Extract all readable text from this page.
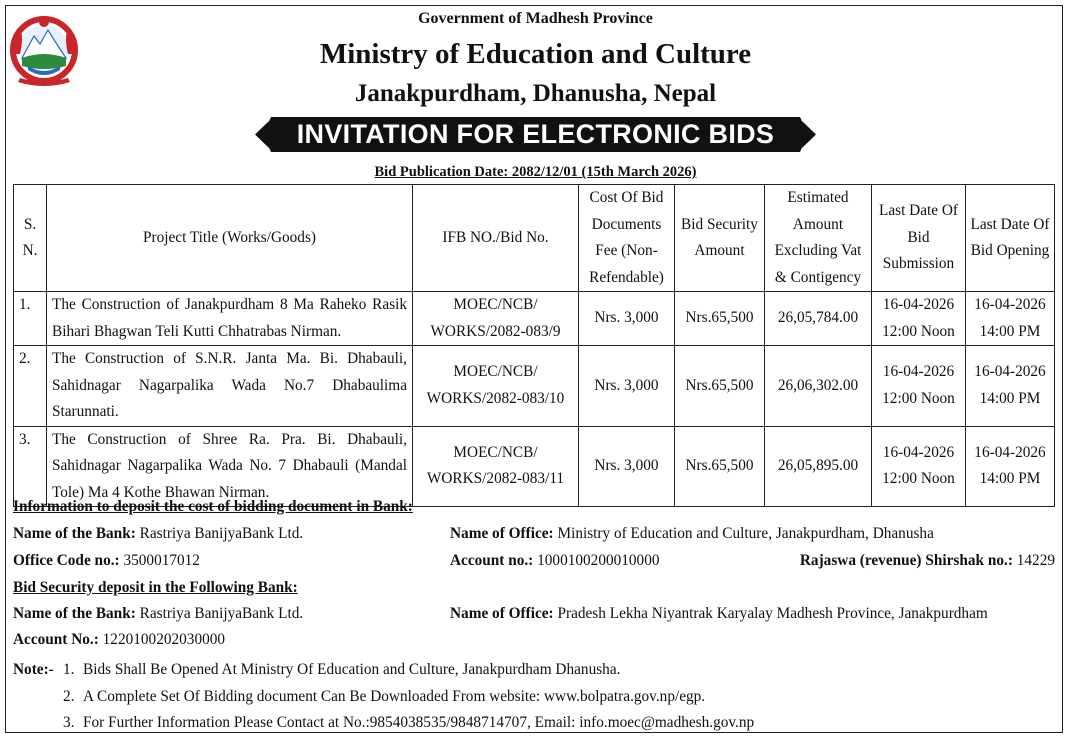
Government of Madhesh Province
Ministry of Education and Culture
Janakpurdham, Dhanusha, Nepal
INVITATION FOR ELECTRONIC BIDS
Bid Publication Date: 2082/12/01 (15th March 2026)
S. N.	Project Title (Works/Goods)	IFB NO./Bid No.	Cost Of Bid Documents Fee (Non-Refendable)	Bid Security Amount	Estimated Amount Excluding Vat & Contigency	Last Date Of Bid Submission	Last Date Of Bid Opening
1.	The Construction of Janakpurdham 8 Ma Raheko Rasik Bihari Bhagwan Teli Kutti Chhatrabas Nirman.	MOEC/NCB/ WORKS/2082-083/9	Nrs. 3,000	Nrs.65,500	26,05,784.00	16-04-2026 12:00 Noon	16-04-2026 14:00 PM
2.	The Construction of S.N.R. Janta Ma. Bi. Dhabauli, Sahidnagar Nagarpalika Wada No.7 Dhabaulima Starunnati.	MOEC/NCB/ WORKS/2082-083/10	Nrs. 3,000	Nrs.65,500	26,06,302.00	16-04-2026 12:00 Noon	16-04-2026 14:00 PM
3.	The Construction of Shree Ra. Pra. Bi. Dhabauli, Sahidnagar Nagarpalika Wada No. 7 Dhabauli (Mandal Tole) Ma 4 Kothe Bhawan Nirman.	MOEC/NCB/ WORKS/2082-083/11	Nrs. 3,000	Nrs.65,500	26,05,895.00	16-04-2026 12:00 Noon	16-04-2026 14:00 PM
Information to deposit the cost of bidding document in Bank:
Name of the Bank: Rastriya BanijyaBank Ltd.	Name of Office: Ministry of Education and Culture, Janakpurdham, Dhanusha
Office Code no.: 3500017012	Account no.: 1000100200010000	Rajaswa (revenue) Shirshak no.: 14229
Bid Security deposit in the Following Bank:
Name of the Bank: Rastriya BanijyaBank Ltd.	Name of Office: Pradesh Lekha Niyantrak Karyalay Madhesh Province, Janakpurdham
Account No.: 1220100202030000
Note:- 1. Bids Shall Be Opened At Ministry Of Education and Culture, Janakpurdham Dhanusha.
2. A Complete Set Of Bidding document Can Be Downloaded From website: www.bolpatra.gov.np/egp.
3. For Further Information Please Contact at No.:9854038535/9848714707, Email: info.moec@madhesh.gov.np
